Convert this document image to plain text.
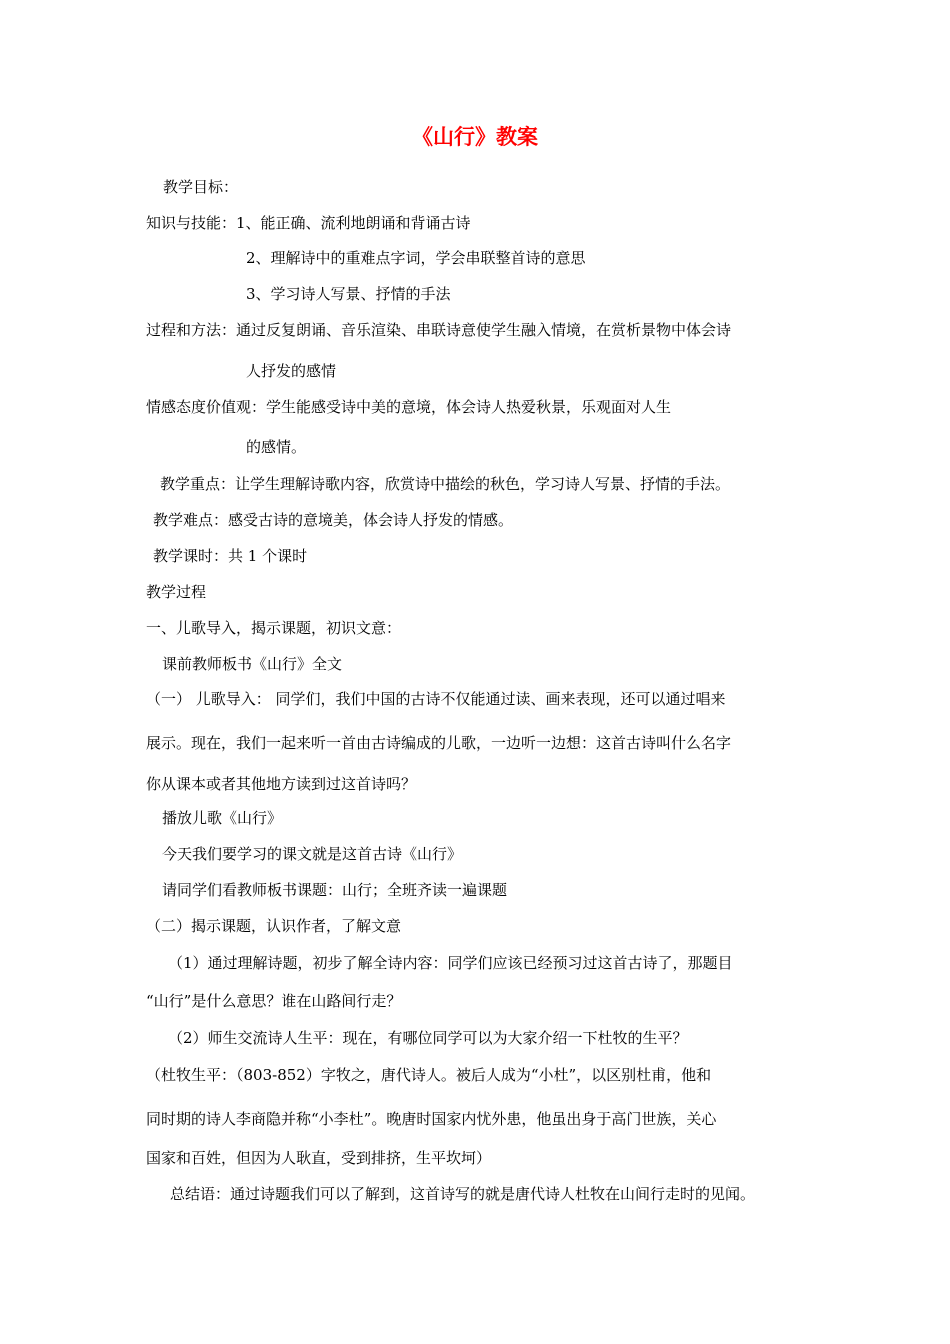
《山行》教案
教学目标：
知识与技能：1、能正确、流利地朗诵和背诵古诗
2、理解诗中的重难点字词，学会串联整首诗的意思
3、学习诗人写景、抒情的手法
过程和方法：通过反复朗诵、音乐渲染、串联诗意使学生融入情境，在赏析景物中体会诗
人抒发的感情
情感态度价值观：学生能感受诗中美的意境，体会诗人热爱秋景，乐观面对人生
的感情。
教学重点：让学生理解诗歌内容，欣赏诗中描绘的秋色，学习诗人写景、抒情的手法。
教学难点：感受古诗的意境美，体会诗人抒发的情感。
教学课时：共 1 个课时
教学过程
一、儿歌导入，揭示课题，初识文意：
课前教师板书《山行》全文
（一） 儿歌导入： 同学们，我们中国的古诗不仅能通过读、画来表现，还可以通过唱来
展示。现在，我们一起来听一首由古诗编成的儿歌，一边听一边想：这首古诗叫什么名字
你从课本或者其他地方读到过这首诗吗？
播放儿歌《山行》
今天我们要学习的课文就是这首古诗《山行》
请同学们看教师板书课题：山行；全班齐读一遍课题
（二）揭示课题，认识作者，了解文意
（1）通过理解诗题，初步了解全诗内容：同学们应该已经预习过这首古诗了，那题目
“山行”是什么意思？谁在山路间行走？
（2）师生交流诗人生平：现在，有哪位同学可以为大家介绍一下杜牧的生平？
（杜牧生平：（803-852）字牧之，唐代诗人。被后人成为“小杜”，以区别杜甫，他和
同时期的诗人李商隐并称“小李杜”。晚唐时国家内忧外患，他虽出身于高门世族，关心
国家和百姓，但因为人耿直，受到排挤，生平坎坷）
总结语：通过诗题我们可以了解到，这首诗写的就是唐代诗人杜牧在山间行走时的见闻。
